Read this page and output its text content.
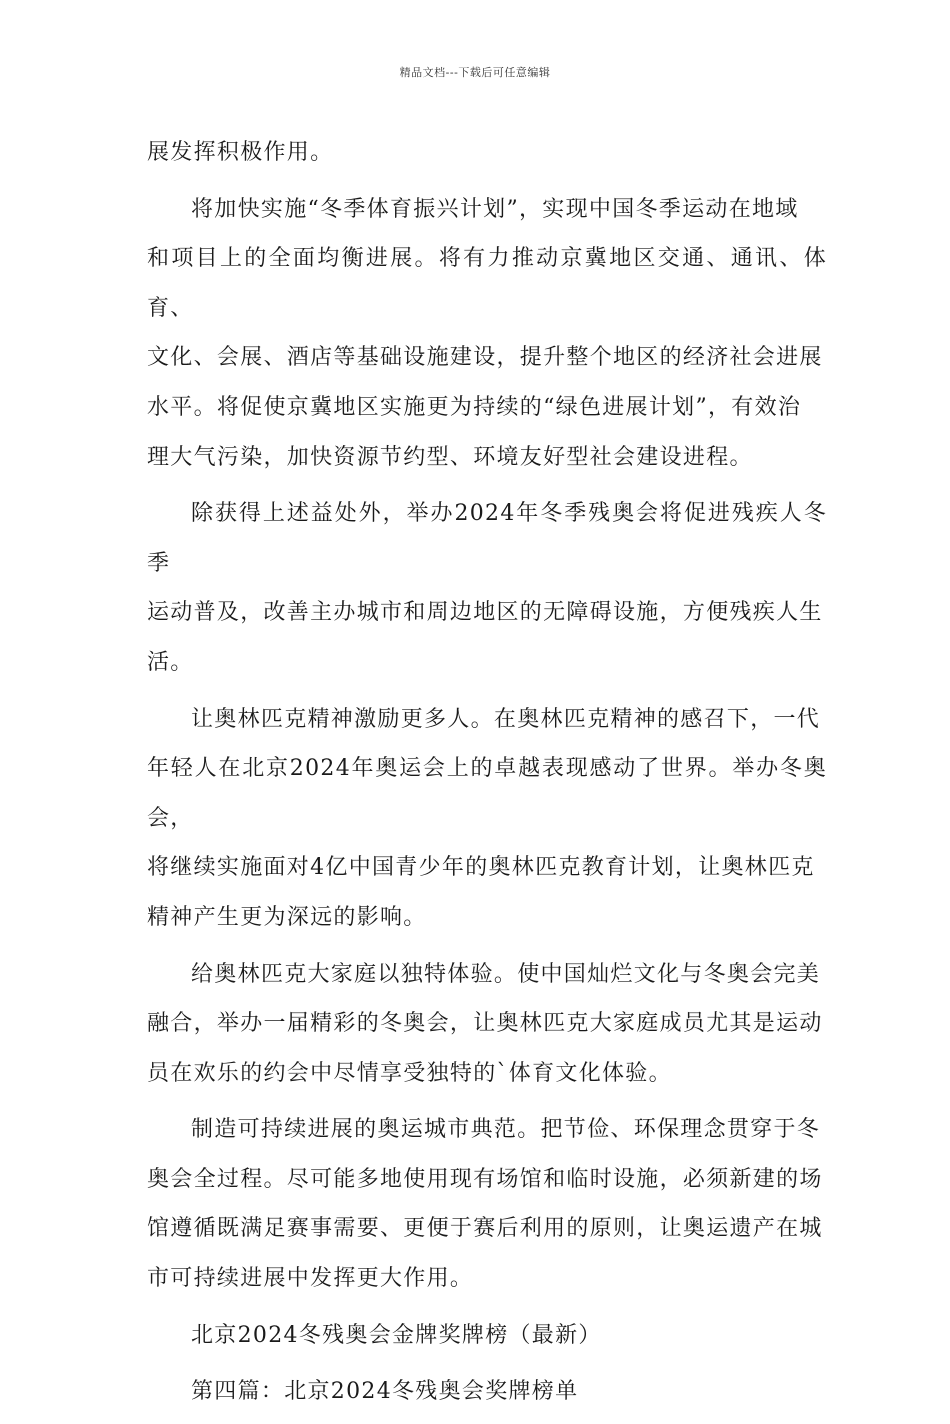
精品文档---下载后可任意编辑

展发挥积极作用。

将加快实施“冬季体育振兴计划”，实现中国冬季运动在地域
和项目上的全面均衡进展。将有力推动京冀地区交通、通讯、体育、
文化、会展、酒店等基础设施建设，提升整个地区的经济社会进展
水平。将促使京冀地区实施更为持续的“绿色进展计划”，有效治
理大气污染，加快资源节约型、环境友好型社会建设进程。

除获得上述益处外，举办2024年冬季残奥会将促进残疾人冬季
运动普及，改善主办城市和周边地区的无障碍设施，方便残疾人生
活。

让奥林匹克精神激励更多人。在奥林匹克精神的感召下，一代
年轻人在北京2024年奥运会上的卓越表现感动了世界。举办冬奥会，
将继续实施面对4亿中国青少年的奥林匹克教育计划，让奥林匹克
精神产生更为深远的影响。

给奥林匹克大家庭以独特体验。使中国灿烂文化与冬奥会完美
融合，举办一届精彩的冬奥会，让奥林匹克大家庭成员尤其是运动
员在欢乐的约会中尽情享受独特的`体育文化体验。

制造可持续进展的奥运城市典范。把节俭、环保理念贯穿于冬
奥会全过程。尽可能多地使用现有场馆和临时设施，必须新建的场
馆遵循既满足赛事需要、更便于赛后利用的原则，让奥运遗产在城
市可持续进展中发挥更大作用。

北京2024冬残奥会金牌奖牌榜（最新）

第四篇：北京2024冬残奥会奖牌榜单
